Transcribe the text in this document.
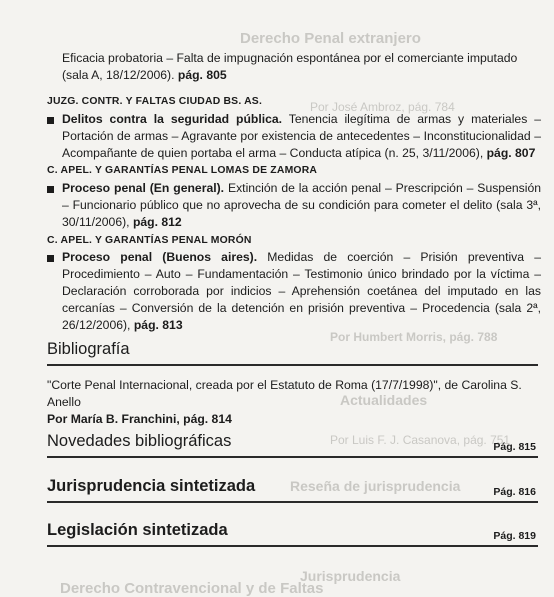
Derecho Penal extranjero
Por José Ambroz, pág. 784
Por Humbert Morris, pág. 788
Actualidades
Por Luis F. J. Casanova, pág. 751
Reseña de jurisprudencia
Jurisprudencia
Derecho Contravencional y de Faltas
Eficacia probatoria – Falta de impugnación espontánea por el comerciante imputado (sala A, 18/12/2006). pág. 805
JUZG. CONTR. Y FALTAS CIUDAD BS. AS.
Delitos contra la seguridad pública. Tenencia ilegítima de armas y materiales – Portación de armas – Agravante por existencia de antecedentes – Inconstitucionalidad – Acompañante de quien portaba el arma – Conducta atípica (n. 25, 3/11/2006), pág. 807
C. APEL. Y GARANTÍAS PENAL LOMAS DE ZAMORA
Proceso penal (En general). Extinción de la acción penal – Prescripción – Suspensión – Funcionario público que no aprovecha de su condición para cometer el delito (sala 3ª, 30/11/2006), pág. 812
C. APEL. Y GARANTÍAS PENAL MORÓN
Proceso penal (Buenos aires). Medidas de coerción – Prisión preventiva – Procedimiento – Auto – Fundamentación – Testimonio único brindado por la víctima – Declaración corroborada por indicios – Aprehensión coetánea del imputado en las cercanías – Conversión de la detención en prisión preventiva – Procedencia (sala 2ª, 26/12/2006), pág. 813
Bibliografía
"Corte Penal Internacional, creada por el Estatuto de Roma (17/7/1998)", de Carolina S. Anello
Por María B. Franchini, pág. 814
Novedades bibliográficas	Pág. 815
Jurisprudencia sintetizada	Pág. 816
Legislación sintetizada	Pág. 819
